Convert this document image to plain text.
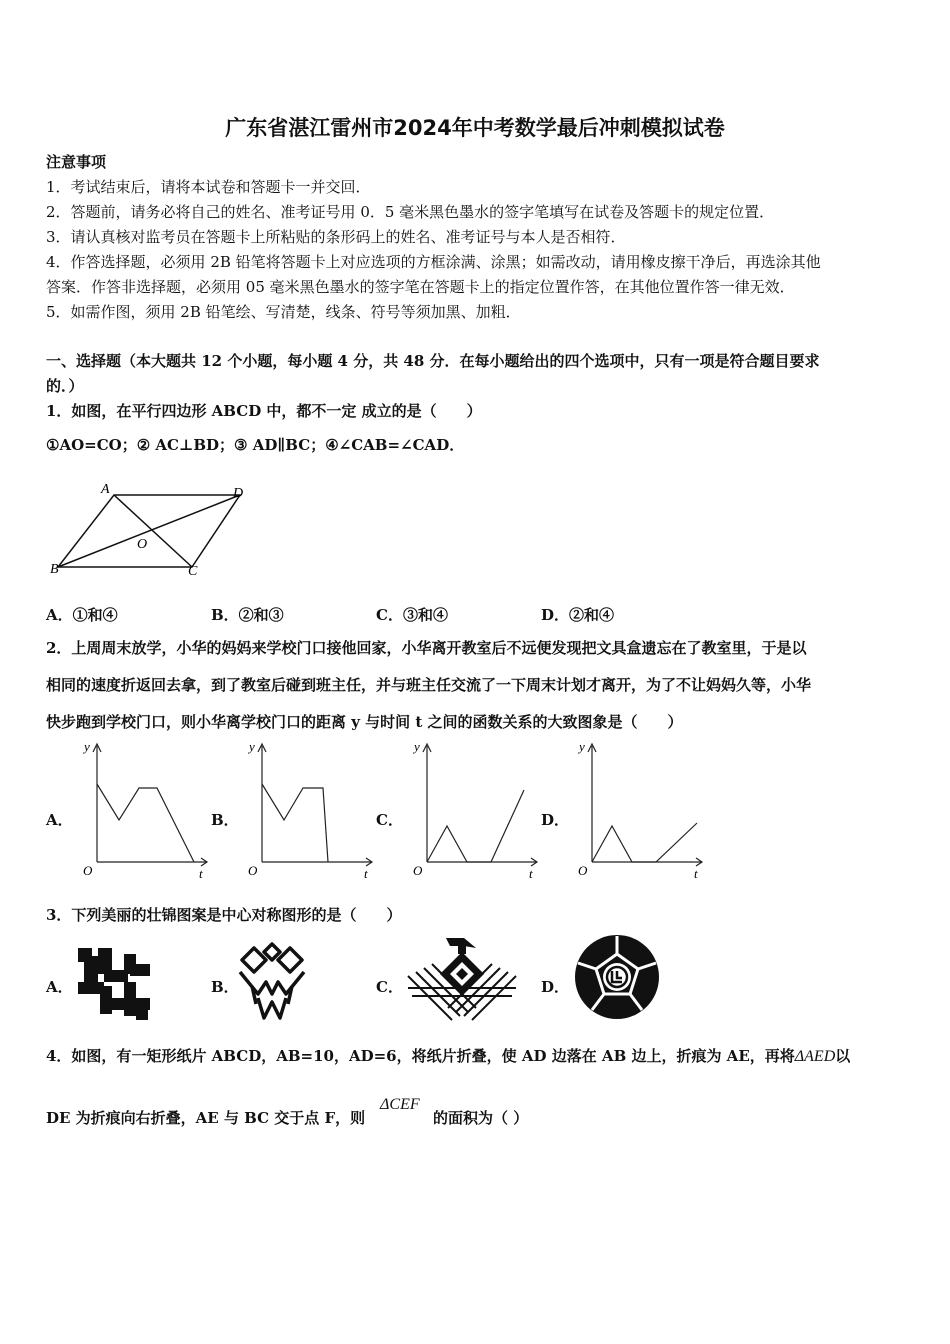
广东省湛江雷州市2024年中考数学最后冲刺模拟试卷
注意事项
1．考试结束后，请将本试卷和答题卡一并交回．
2．答题前，请务必将自己的姓名、准考证号用 0．5 毫米黑色墨水的签字笔填写在试卷及答题卡的规定位置．
3．请认真核对监考员在答题卡上所粘贴的条形码上的姓名、准考证号与本人是否相符．
4．作答选择题，必须用 2B 铅笔将答题卡上对应选项的方框涂满、涂黑；如需改动，请用橡皮擦干净后，再选涂其他
答案．作答非选择题，必须用 05 毫米黑色墨水的签字笔在答题卡上的指定位置作答，在其他位置作答一律无效．
5．如需作图，须用 2B 铅笔绘、写清楚，线条、符号等须加黑、加粗．
一、选择题（本大题共 12 个小题，每小题 4 分，共 48 分．在每小题给出的四个选项中，只有一项是符合题目要求
的．）
1．如图，在平行四边形 ABCD 中，都不一定 成立的是（　　）
①AO=CO；② AC⊥BD；③ AD∥BC；④∠CAB=∠CAD．
A	D
B	C
O
A．①和④	B．②和③	C．③和④	D．②和④
2．上周周末放学，小华的妈妈来学校门口接他回家，小华离开教室后不远便发现把文具盒遗忘在了教室里，于是以
相同的速度折返回去拿，到了教室后碰到班主任，并与班主任交流了一下周末计划才离开，为了不让妈妈久等，小华
快步跑到学校门口，则小华离学校门口的距离 y 与时间 t 之间的函数关系的大致图象是（　　）
A．
y
t
O
B．
y
t
O
C．
y
t
O
D．
y
t
O
3．下列美丽的壮锦图案是中心对称图形的是（　　）
A．	B．	C．	D．
4．如图，有一矩形纸片 ABCD，AB=10，AD=6，将纸片折叠，使 AD 边落在 AB 边上，折痕为 AE，再将ΔAED以
DE 为折痕向右折叠，AE 与 BC 交于点 F，则
ΔCEF
的面积为（ ）
